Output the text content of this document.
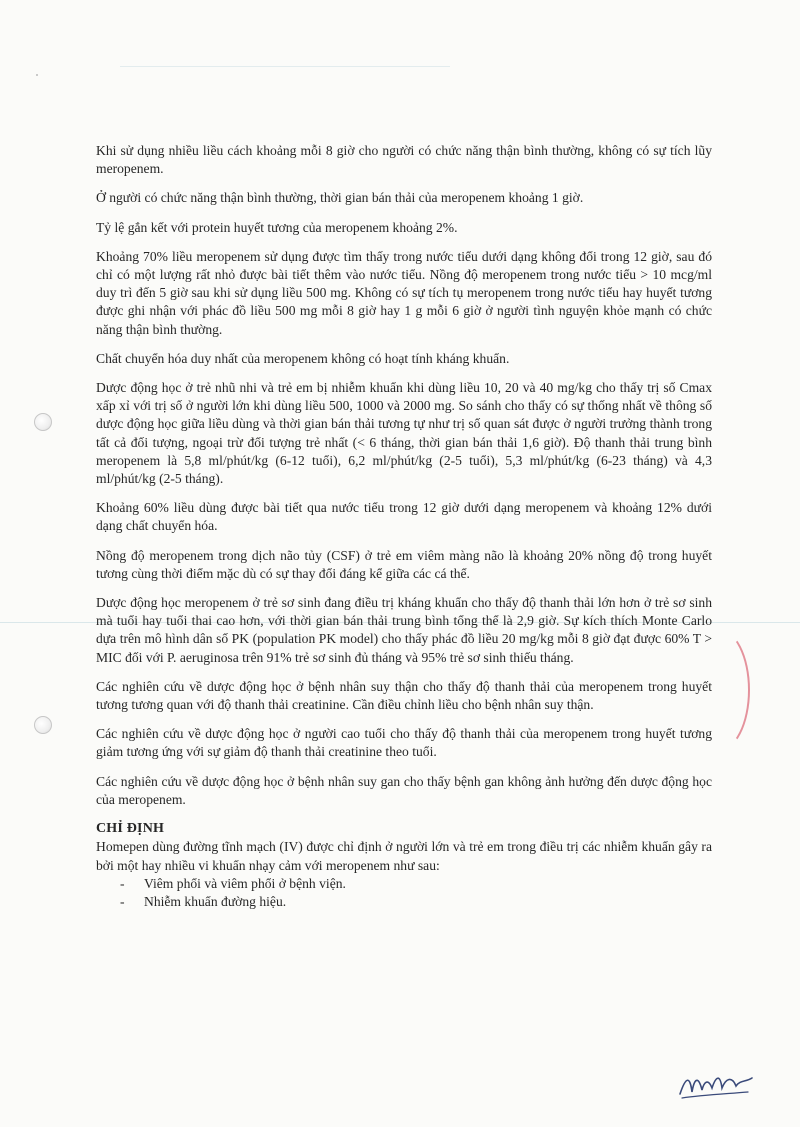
Khi sử dụng nhiều liều cách khoảng mỗi 8 giờ cho người có chức năng thận bình thường, không có sự tích lũy meropenem.

Ở người có chức năng thận bình thường, thời gian bán thải của meropenem khoảng 1 giờ.

Tỷ lệ gắn kết với protein huyết tương của meropenem khoảng 2%.

Khoảng 70% liều meropenem sử dụng được tìm thấy trong nước tiểu dưới dạng không đổi trong 12 giờ, sau đó chỉ có một lượng rất nhỏ được bài tiết thêm vào nước tiểu. Nồng độ meropenem trong nước tiểu > 10 mcg/ml duy trì đến 5 giờ sau khi sử dụng liều 500 mg. Không có sự tích tụ meropenem trong nước tiểu hay huyết tương được ghi nhận với phác đồ liều 500 mg mỗi 8 giờ hay 1 g mỗi 6 giờ ở người tình nguyện khỏe mạnh có chức năng thận bình thường.

Chất chuyển hóa duy nhất của meropenem không có hoạt tính kháng khuẩn.

Dược động học ở trẻ nhũ nhi và trẻ em bị nhiễm khuẩn khi dùng liều 10, 20 và 40 mg/kg cho thấy trị số Cmax xấp xỉ với trị số ở người lớn khi dùng liều 500, 1000 và 2000 mg. So sánh cho thấy có sự thống nhất về thông số dược động học giữa liều dùng và thời gian bán thải tương tự như trị số quan sát được ở người trưởng thành trong tất cả đối tượng, ngoại trừ đối tượng trẻ nhất (< 6 tháng, thời gian bán thải 1,6 giờ). Độ thanh thải trung bình meropenem là 5,8 ml/phút/kg (6-12 tuổi), 6,2 ml/phút/kg (2-5 tuổi), 5,3 ml/phút/kg (6-23 tháng) và 4,3 ml/phút/kg (2-5 tháng).

Khoảng 60% liều dùng được bài tiết qua nước tiểu trong 12 giờ dưới dạng meropenem và khoảng 12% dưới dạng chất chuyển hóa.

Nồng độ meropenem trong dịch não tủy (CSF) ở trẻ em viêm màng não là khoảng 20% nồng độ trong huyết tương cùng thời điểm mặc dù có sự thay đổi đáng kể giữa các cá thể.

Dược động học meropenem ở trẻ sơ sinh đang điều trị kháng khuẩn cho thấy độ thanh thải lớn hơn ở trẻ sơ sinh mà tuổi hay tuổi thai cao hơn, với thời gian bán thải trung bình tổng thể là 2,9 giờ. Sự kích thích Monte Carlo dựa trên mô hình dân số PK (population PK model) cho thấy phác đồ liều 20 mg/kg mỗi 8 giờ đạt được 60% T > MIC đối với P. aeruginosa trên 91% trẻ sơ sinh đủ tháng và 95% trẻ sơ sinh thiếu tháng.

Các nghiên cứu về dược động học ở bệnh nhân suy thận cho thấy độ thanh thải của meropenem trong huyết tương tương quan với độ thanh thải creatinine. Cần điều chỉnh liều cho bệnh nhân suy thận.

Các nghiên cứu về dược động học ở người cao tuổi cho thấy độ thanh thải của meropenem trong huyết tương giảm tương ứng với sự giảm độ thanh thải creatinine theo tuổi.

Các nghiên cứu về dược động học ở bệnh nhân suy gan cho thấy bệnh gan không ảnh hưởng đến dược động học của meropenem.

CHỈ ĐỊNH

Homepen dùng đường tĩnh mạch (IV) được chỉ định ở người lớn và trẻ em trong điều trị các nhiễm khuẩn gây ra bởi một hay nhiều vi khuẩn nhạy cảm với meropenem như sau:

- Viêm phổi và viêm phổi ở bệnh viện.
- Nhiễm khuẩn đường hiệu.
